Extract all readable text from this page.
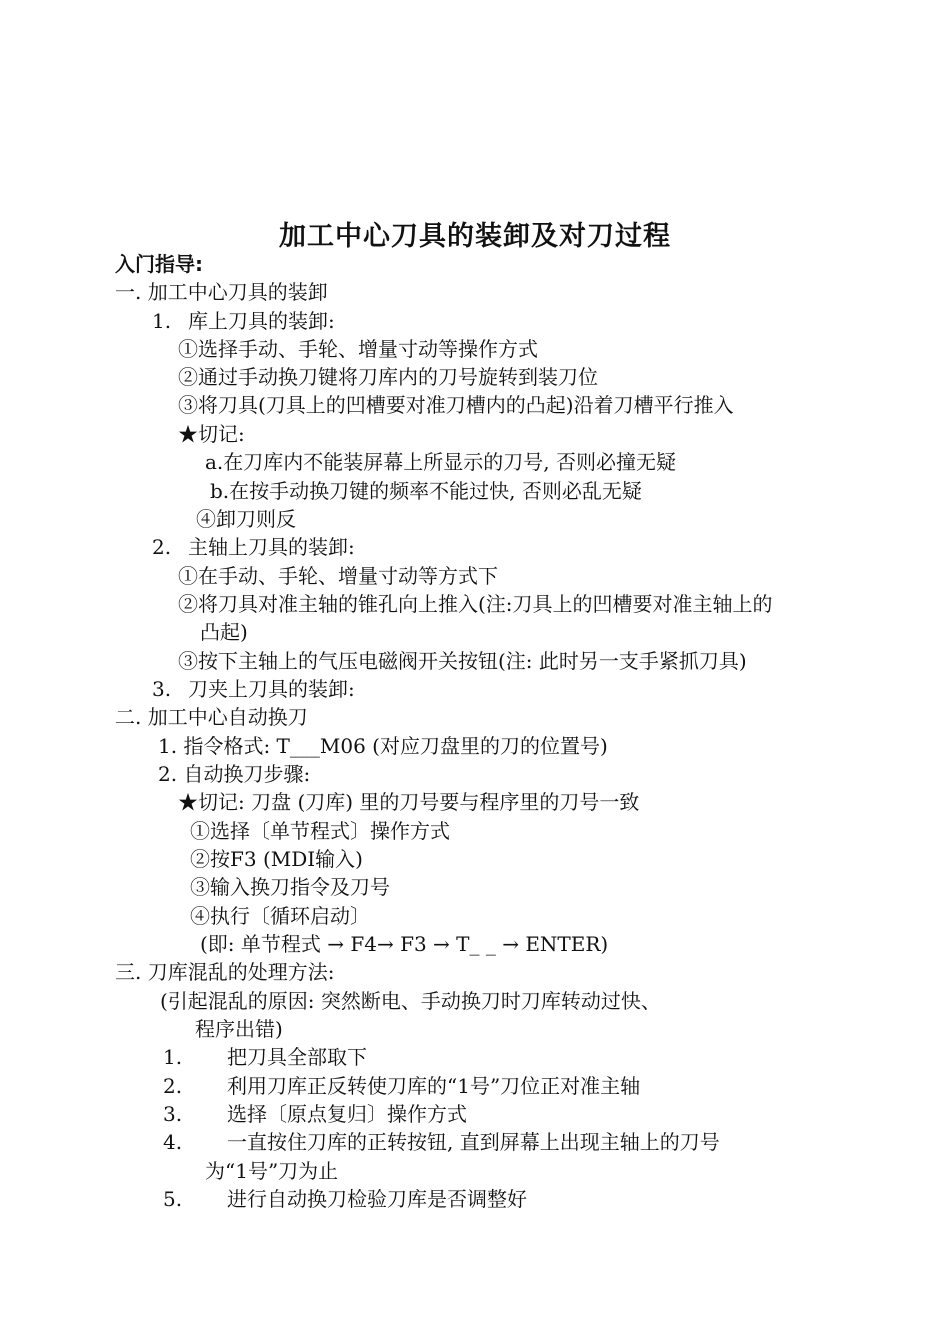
加工中心刀具的装卸及对刀过程
入门指导:
一. 加工中心刀具的装卸
1. 库上刀具的装卸:
①选择手动、手轮、增量寸动等操作方式
②通过手动换刀键将刀库内的刀号旋转到装刀位
③将刀具(刀具上的凹槽要对准刀槽内的凸起)沿着刀槽平行推入
★切记:
a.在刀库内不能装屏幕上所显示的刀号, 否则必撞无疑
b.在按手动换刀键的频率不能过快, 否则必乱无疑
④卸刀则反
2. 主轴上刀具的装卸:
①在手动、手轮、增量寸动等方式下
②将刀具对准主轴的锥孔向上推入(注:刀具上的凹槽要对准主轴上的
凸起)
③按下主轴上的气压电磁阀开关按钮(注: 此时另一支手紧抓刀具)
3. 刀夹上刀具的装卸:
二. 加工中心自动换刀
1. 指令格式: T___M06 (对应刀盘里的刀的位置号)
2. 自动换刀步骤:
★切记: 刀盘 (刀库) 里的刀号要与程序里的刀号一致
①选择〔单节程式〕操作方式
②按F3 (MDI输入)
③输入换刀指令及刀号
④执行〔循环启动〕
(即: 单节程式 → F4→ F3 → T_ _ → ENTER)
三. 刀库混乱的处理方法:
(引起混乱的原因: 突然断电、手动换刀时刀库转动过快、
程序出错)
1. 把刀具全部取下
2. 利用刀库正反转使刀库的“1号”刀位正对准主轴
3. 选择〔原点复归〕操作方式
4. 一直按住刀库的正转按钮, 直到屏幕上出现主轴上的刀号
为“1号”刀为止
5. 进行自动换刀检验刀库是否调整好
